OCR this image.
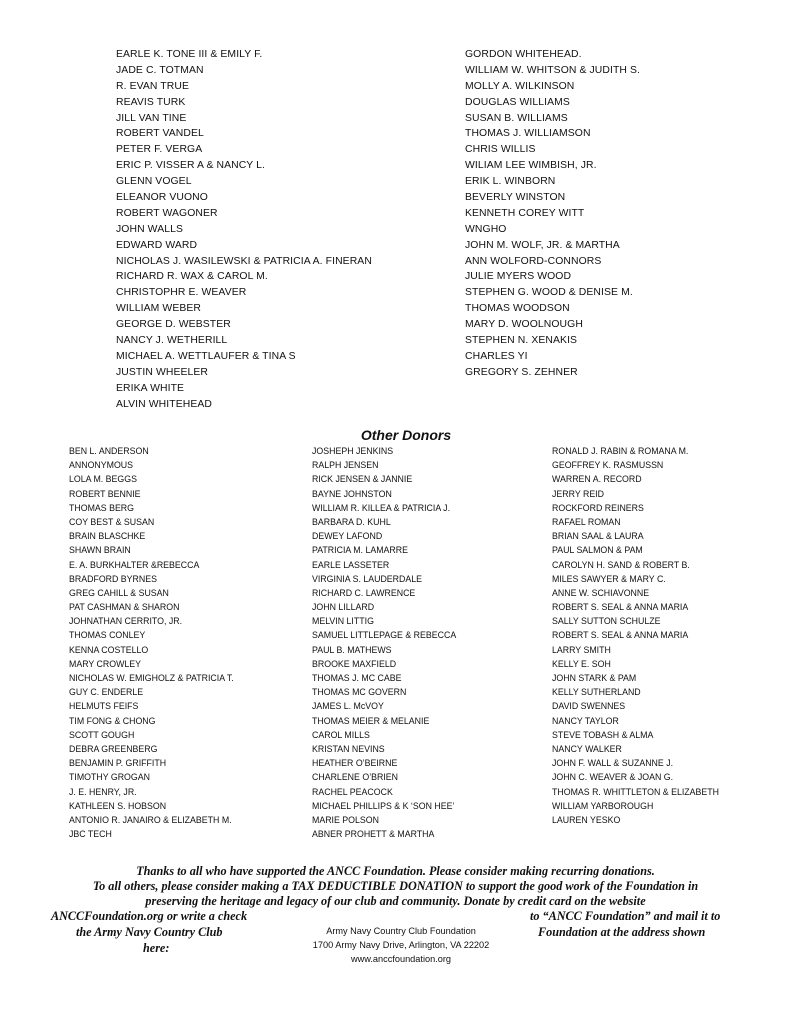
EARLE K. TONE III & EMILY F.
JADE C. TOTMAN
R. EVAN TRUE
REAVIS TURK
JILL VAN TINE
ROBERT VANDEL
PETER F. VERGA
ERIC P. VISSER A & NANCY L.
GLENN VOGEL
ELEANOR VUONO
ROBERT WAGONER
JOHN WALLS
EDWARD WARD
NICHOLAS J. WASILEWSKI & PATRICIA A. FINERAN
RICHARD R. WAX & CAROL M.
CHRISTOPHR E. WEAVER
WILLIAM WEBER
GEORGE D. WEBSTER
NANCY J. WETHERILL
MICHAEL A. WETTLAUFER & TINA S
JUSTIN WHEELER
ERIKA WHITE
ALVIN WHITEHEAD
GORDON WHITEHEAD.
WILLIAM W. WHITSON & JUDITH S.
MOLLY A. WILKINSON
DOUGLAS WILLIAMS
SUSAN B. WILLIAMS
THOMAS J. WILLIAMSON
CHRIS WILLIS
WILIAM LEE WIMBISH, JR.
ERIK L. WINBORN
BEVERLY WINSTON
KENNETH COREY WITT
WNGHO
JOHN M. WOLF, JR. & MARTHA
ANN WOLFORD-CONNORS
JULIE MYERS WOOD
STEPHEN G. WOOD & DENISE M.
THOMAS WOODSON
MARY D. WOOLNOUGH
STEPHEN N. XENAKIS
CHARLES YI
GREGORY S. ZEHNER
Other Donors
BEN L. ANDERSON
ANNONYMOUS
LOLA M. BEGGS
ROBERT BENNIE
THOMAS BERG
COY BEST & SUSAN
BRAIN BLASCHKE
SHAWN BRAIN
E. A. BURKHALTER &REBECCA
BRADFORD BYRNES
GREG CAHILL & SUSAN
PAT CASHMAN & SHARON
JOHNATHAN CERRITO, JR.
THOMAS CONLEY
KENNA COSTELLO
MARY CROWLEY
NICHOLAS W. EMIGHOLZ & PATRICIA T.
GUY C. ENDERLE
HELMUTS FEIFS
TIM FONG & CHONG
SCOTT GOUGH
DEBRA GREENBERG
BENJAMIN P. GRIFFITH
TIMOTHY GROGAN
J. E. HENRY, JR.
KATHLEEN S. HOBSON
ANTONIO R. JANAIRO & ELIZABETH M.
JBC TECH
JOSHEPH JENKINS
RALPH JENSEN
RICK JENSEN & JANNIE
BAYNE JOHNSTON
WILLIAM R. KILLEA & PATRICIA J.
BARBARA D. KUHL
DEWEY LAFOND
PATRICIA M. LAMARRE
EARLE LASSETER
VIRGINIA S. LAUDERDALE
RICHARD C. LAWRENCE
JOHN LILLARD
MELVIN LITTIG
SAMUEL LITTLEPAGE & REBECCA
PAUL B. MATHEWS
BROOKE MAXFIELD
THOMAS J. MC CABE
THOMAS MC GOVERN
JAMES L. McVOY
THOMAS MEIER & MELANIE
CAROL MILLS
KRISTAN NEVINS
HEATHER O’BEIRNE
CHARLENE O’BRIEN
RACHEL PEACOCK
MICHAEL PHILLIPS & K ‘SON HEE’
MARIE POLSON
ABNER PROHETT & MARTHA
RONALD J. RABIN & ROMANA M.
GEOFFREY K. RASMUSSN
WARREN A. RECORD
JERRY REID
ROCKFORD REINERS
RAFAEL ROMAN
BRIAN SAAL & LAURA
PAUL SALMON & PAM
CAROLYN H. SAND & ROBERT B.
MILES SAWYER & MARY C.
ANNE W. SCHIAVONNE
ROBERT S. SEAL & ANNA MARIA
SALLY SUTTON SCHULZE
ROBERT S. SEAL & ANNA MARIA
LARRY SMITH
KELLY E. SOH
JOHN STARK & PAM
KELLY SUTHERLAND
DAVID SWENNES
NANCY TAYLOR
STEVE TOBASH & ALMA
NANCY WALKER
JOHN F. WALL & SUZANNE J.
JOHN C. WEAVER & JOAN G.
THOMAS R. WHITTLETON & ELIZABETH
WILLIAM YARBOROUGH
LAUREN YESKO
Thanks to all who have supported the ANCC Foundation. Please consider making recurring donations.
To all others, please consider making a TAX DEDUCTIBLE DONATION to support the good work of the Foundation in
preserving the heritage and legacy of our club and community. Donate by credit card on the website
ANCCFoundation.org or write a check
the Army Navy Country Club
here:
to “ANCC Foundation” and mail it to
Foundation at the address shown
Army Navy Country Club Foundation
1700 Army Navy Drive, Arlington, VA 22202
www.anccfoundation.org
